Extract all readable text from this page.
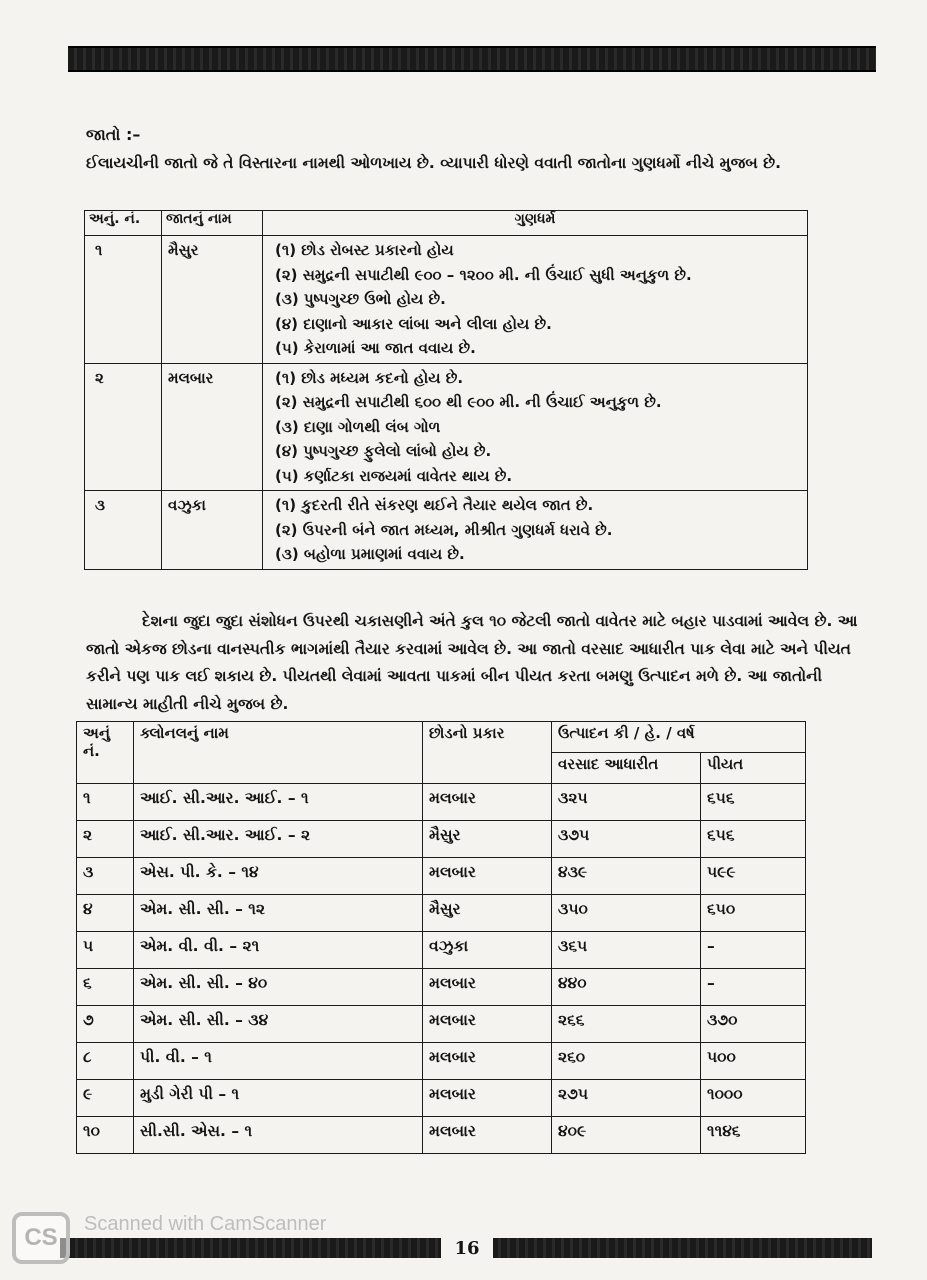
જાતો :–
ઈલાયચીની જાતો જે તે વિસ્તારના નામથી ઓળખાય છે. વ્યાપારી ધોરણે વવાતી જાતોના ગુણધર્મો નીચે મુજબ છે.
અનું. નં.	જાતનું નામ	ગુણધર્મ
૧	મૈસુર	(૧) છોડ રોબસ્ટ પ્રકારનો હોય
(૨) સમુદ્રની સપાટીથી ૯૦૦ – ૧૨૦૦ મી. ની ઉંચાઈ સુધી અનુકુળ છે.
(૩) પુષ્પગુચ્છ ઉભો હોય છે.
(૪) દાણાનો આકાર લાંબા અને લીલા હોય છે.
(૫) કેરાળામાં આ જાત વવાય છે.

૨	મલબાર	(૧) છોડ મધ્યમ કદનો હોય છે.
(૨) સમુદ્રની સપાટીથી ૬૦૦ થી ૯૦૦ મી. ની ઉંચાઈ અનુકુળ છે.
(૩) દાણા ગોળથી લંબ ગોળ
(૪) પુષ્પગુચ્છ ફુલેલો લાંબો હોય છે.
(૫) કર્ણાટકા રાજયમાં વાવેતર થાય છે.

૩	વઝુકા	(૧) કુદરતી રીતે સંકરણ થઈને તૈયાર થયેલ જાત છે.
(૨) ઉપરની બંને જાત મધ્યમ, મીશ્રીત ગુણધર્મ ધરાવે છે.
(૩) બહોળા પ્રમાણમાં વવાય છે.
દેશના જુદા જુદા સંશોધન ઉપરથી ચકાસણીને અંતે કુલ ૧૦ જેટલી જાતો વાવેતર માટે બહાર પાડવામાં આવેલ છે. આ જાતો એકજ છોડના વાનસ્પતીક ભાગમાંથી તૈયાર કરવામાં આવેલ છે. આ જાતો વરસાદ આધારીત પાક લેવા માટે અને પીયત કરીને પણ પાક લઈ શકાય છે. પીયતથી લેવામાં આવતા પાકમાં બીન પીયત કરતા બમણુ ઉત્પાદન મળે છે. આ જાતોની સામાન્ય માહીતી નીચે મુજબ છે.
અનું નં.	ક્લોનલનું નામ	છોડનો પ્રકાર	ઉત્પાદન કી / હે. / વર્ષ	
			વરસાદ આધારીત	પીયત
૧	આઈ. સી.આર. આઈ. – ૧	મલબાર	૩૨૫	૬૫૬
૨	આઈ. સી.આર. આઈ. – ૨	મૈસુર	૩૭૫	૬૫૬
૩	એસ. પી. કે. – ૧૪	મલબાર	૪૩૯	૫૯૯
૪	એમ. સી. સી. – ૧૨	મૈસુર	૩૫૦	૬૫૦
૫	એમ. વી. વી. – ૨૧	વઝુકા	૩૬૫	–
૬	એમ. સી. સી. – ૪૦	મલબાર	૪૪૦	–
૭	એમ. સી. સી. – ૩૪	મલબાર	૨૬૬	૩૭૦
૮	પી. વી. – ૧	મલબાર	૨૬૦	૫૦૦
૯	મુડી ગેરી પી – ૧	મલબાર	૨૭૫	૧૦૦૦
૧૦	સી.સી. એસ. – ૧	મલબાર	૪૦૯	૧૧૪૬
16
CS	Scanned with CamScanner
